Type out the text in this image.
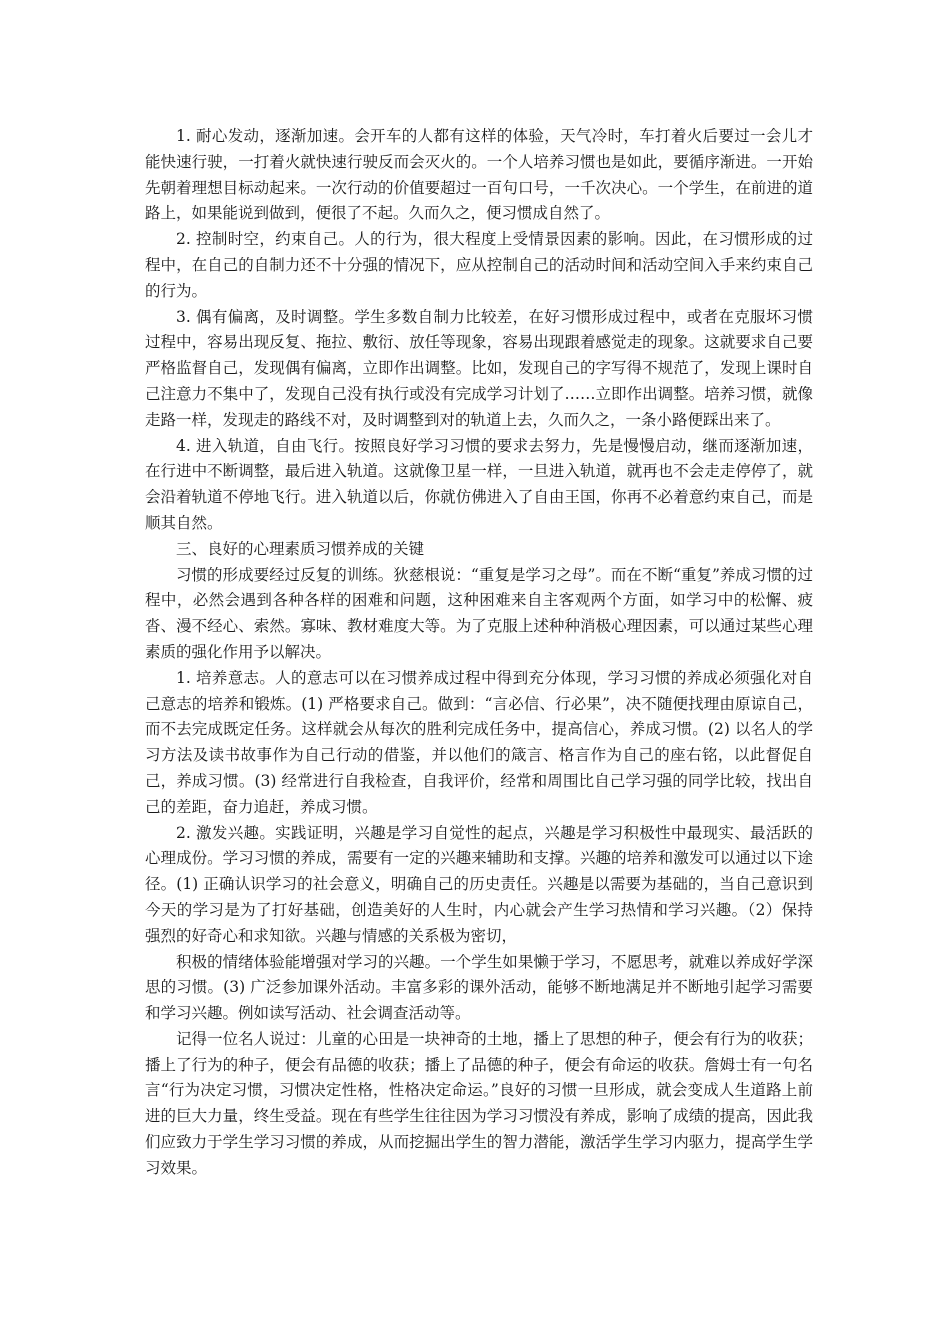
1. 耐心发动，逐渐加速。会开车的人都有这样的体验，天气冷时，车打着火后要过一会儿才能快速行驶，一打着火就快速行驶反而会灭火的。一个人培养习惯也是如此，要循序渐进。一开始先朝着理想目标动起来。一次行动的价值要超过一百句口号，一千次决心。一个学生，在前进的道路上，如果能说到做到，便很了不起。久而久之，便习惯成自然了。

2. 控制时空，约束自己。人的行为，很大程度上受情景因素的影响。因此，在习惯形成的过程中，在自己的自制力还不十分强的情况下，应从控制自己的活动时间和活动空间入手来约束自己的行为。

3. 偶有偏离，及时调整。学生多数自制力比较差，在好习惯形成过程中，或者在克服坏习惯过程中，容易出现反复、拖拉、敷衍、放任等现象，容易出现跟着感觉走的现象。这就要求自己要严格监督自己，发现偶有偏离，立即作出调整。比如，发现自己的字写得不规范了，发现上课时自己注意力不集中了，发现自己没有执行或没有完成学习计划了……立即作出调整。培养习惯，就像走路一样，发现走的路线不对，及时调整到对的轨道上去，久而久之，一条小路便踩出来了。

4. 进入轨道，自由飞行。按照良好学习习惯的要求去努力，先是慢慢启动，继而逐渐加速，在行进中不断调整，最后进入轨道。这就像卫星一样，一旦进入轨道，就再也不会走走停停了，就会沿着轨道不停地飞行。进入轨道以后，你就仿佛进入了自由王国，你再不必着意约束自己，而是顺其自然。

三、良好的心理素质习惯养成的关键

习惯的形成要经过反复的训练。狄慈根说：“重复是学习之母”。而在不断“重复”养成习惯的过程中，必然会遇到各种各样的困难和问题，这种困难来自主客观两个方面，如学习中的松懈、疲沓、漫不经心、索然。寡味、教材难度大等。为了克服上述种种消极心理因素，可以通过某些心理素质的强化作用予以解决。

1. 培养意志。人的意志可以在习惯养成过程中得到充分体现，学习习惯的养成必须强化对自己意志的培养和锻炼。(1) 严格要求自己。做到：“言必信、行必果”，决不随便找理由原谅自己，而不去完成既定任务。这样就会从每次的胜利完成任务中，提高信心，养成习惯。(2) 以名人的学习方法及读书故事作为自己行动的借鉴，并以他们的箴言、格言作为自己的座右铭，以此督促自己，养成习惯。(3) 经常进行自我检查，自我评价，经常和周围比自己学习强的同学比较，找出自己的差距，奋力追赶，养成习惯。

2. 激发兴趣。实践证明，兴趣是学习自觉性的起点，兴趣是学习积极性中最现实、最活跃的心理成份。学习习惯的养成，需要有一定的兴趣来辅助和支撑。兴趣的培养和激发可以通过以下途径。(1) 正确认识学习的社会意义，明确自己的历史责任。兴趣是以需要为基础的，当自己意识到今天的学习是为了打好基础，创造美好的人生时，内心就会产生学习热情和学习兴趣。（2）保持强烈的好奇心和求知欲。兴趣与情感的关系极为密切，

积极的情绪体验能增强对学习的兴趣。一个学生如果懒于学习，不愿思考，就难以养成好学深思的习惯。(3) 广泛参加课外活动。丰富多彩的课外活动，能够不断地满足并不断地引起学习需要和学习兴趣。例如读写活动、社会调查活动等。

记得一位名人说过：儿童的心田是一块神奇的土地，播上了思想的种子，便会有行为的收获；播上了行为的种子，便会有品德的收获；播上了品德的种子，便会有命运的收获。詹姆士有一句名言“行为决定习惯，习惯决定性格，性格决定命运。”良好的习惯一旦形成，就会变成人生道路上前进的巨大力量，终生受益。现在有些学生往往因为学习习惯没有养成，影响了成绩的提高，因此我们应致力于学生学习习惯的养成，从而挖掘出学生的智力潜能，激活学生学习内驱力，提高学生学习效果。
